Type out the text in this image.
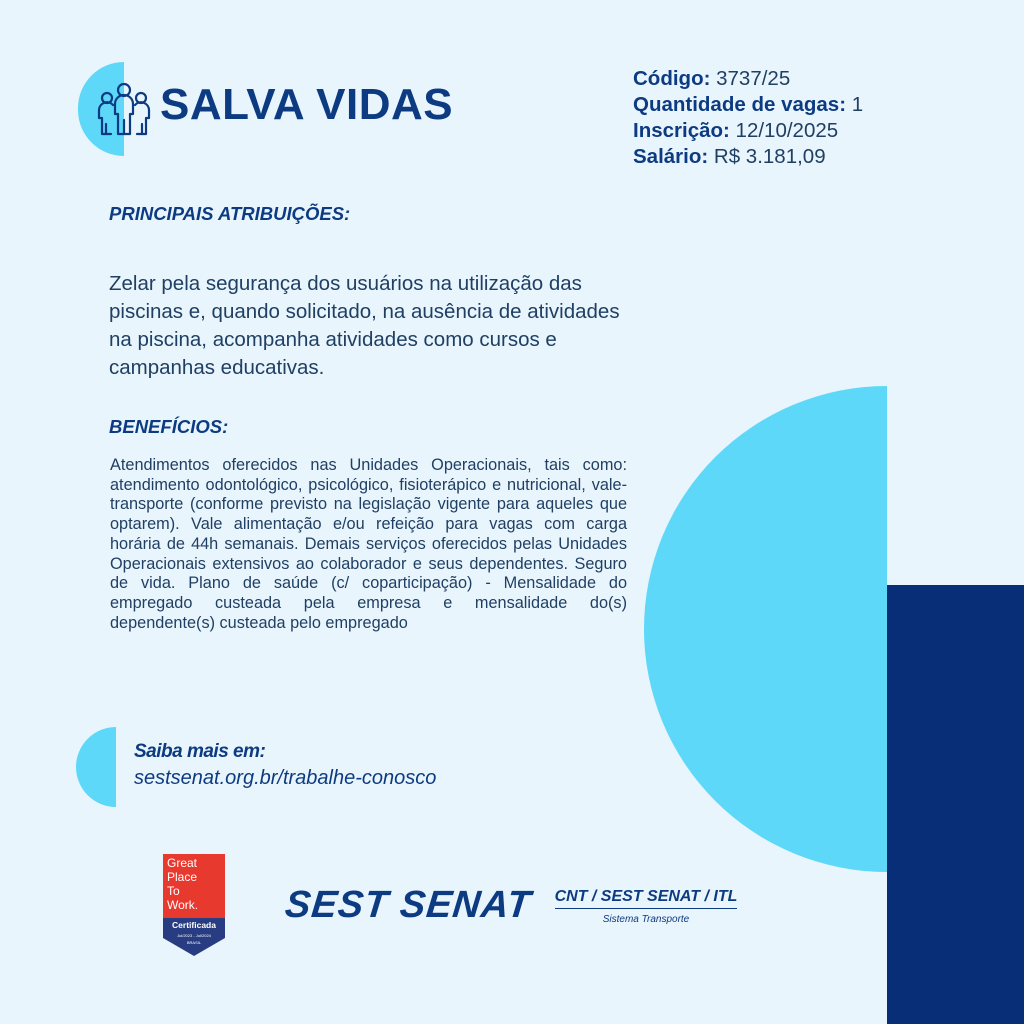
SALVA VIDAS
Código: 3737/25
Quantidade de vagas: 1
Inscrição: 12/10/2025
Salário: R$ 3.181,09
PRINCIPAIS ATRIBUIÇÕES:
Zelar pela segurança dos usuários na utilização das piscinas e, quando solicitado, na ausência de atividades na piscina, acompanha atividades como cursos e campanhas educativas.
BENEFÍCIOS:
Atendimentos oferecidos nas Unidades Operacionais, tais como: atendimento odontológico, psicológico, fisioterápico e nutricional, vale-transporte (conforme previsto na legislação vigente para aqueles que optarem). Vale alimentação e/ou refeição para vagas com carga horária de 44h semanais. Demais serviços oferecidos pelas Unidades Operacionais extensivos ao colaborador e seus dependentes. Seguro de vida. Plano de saúde (c/ coparticipação) - Mensalidade do empregado custeada pela empresa e mensalidade do(s) dependente(s) custeada pelo empregado
Saiba mais em:
sestsenat.org.br/trabalhe-conosco
Great
Place
To
Work.
Certificada
Jul/2023 - Jul/2024
BRASIL
SEST SENAT	CNT / SEST SENAT / ITL
Sistema Transporte
